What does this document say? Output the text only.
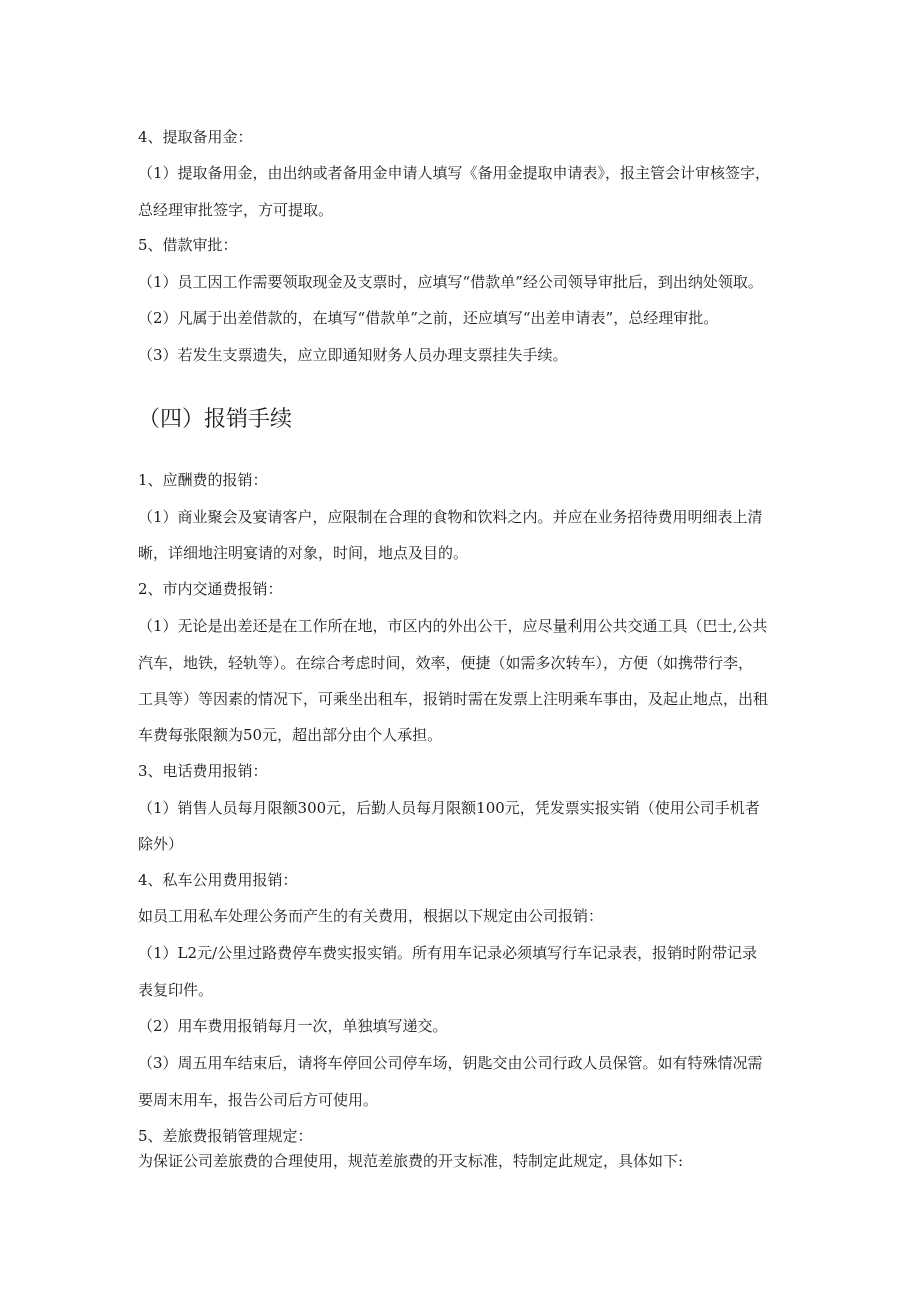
4、提取备用金：

（1）提取备用金，由出纳或者备用金申请人填写《备用金提取申请表》，报主管会计审核签字，

总经理审批签字，方可提取。

5、借款审批：

（1）员工因工作需要领取现金及支票时，应填写“借款单”经公司领导审批后，到出纳处领取。

（2）凡属于出差借款的，在填写“借款单”之前，还应填写“出差申请表”，总经理审批。

（3）若发生支票遗失，应立即通知财务人员办理支票挂失手续。

（四）报销手续

1、应酬费的报销：

（1）商业聚会及宴请客户，应限制在合理的食物和饮料之内。并应在业务招待费用明细表上清

晰，详细地注明宴请的对象，时间，地点及目的。

2、市内交通费报销：

（1）无论是出差还是在工作所在地，市区内的外出公干，应尽量利用公共交通工具（巴士,公共

汽车，地铁，轻轨等）。在综合考虑时间，效率，便捷（如需多次转车），方便（如携带行李，

工具等）等因素的情况下，可乘坐出租车，报销时需在发票上注明乘车事由，及起止地点，出租

车费每张限额为50元，超出部分由个人承担。

3、电话费用报销：

（1）销售人员每月限额300元，后勤人员每月限额100元，凭发票实报实销（使用公司手机者

除外）

4、私车公用费用报销：

如员工用私车处理公务而产生的有关费用，根据以下规定由公司报销：

（1）L2元/公里过路费停车费实报实销。所有用车记录必须填写行车记录表，报销时附带记录

表复印件。

（2）用车费用报销每月一次，单独填写递交。

（3）周五用车结束后，请将车停回公司停车场，钥匙交由公司行政人员保管。如有特殊情况需

要周末用车，报告公司后方可使用。

5、差旅费报销管理规定：

为保证公司差旅费的合理使用，规范差旅费的开支标准，特制定此规定，具体如下:
